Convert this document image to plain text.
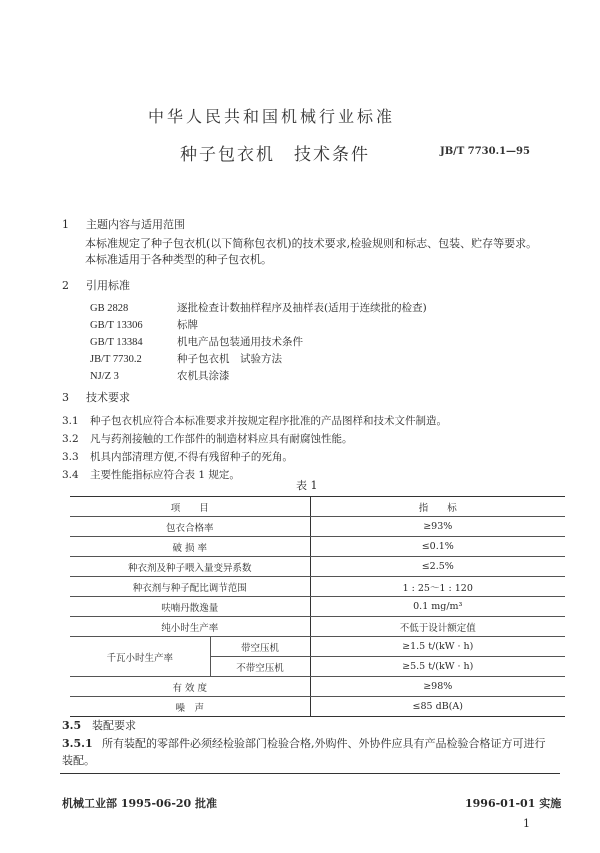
中华人民共和国机械行业标准
种子包衣机　技术条件	JB/T 7730.1—95
1 主题内容与适用范围
本标准规定了种子包衣机(以下简称包衣机)的技术要求,检验规则和标志、包装、贮存等要求。
本标准适用于各种类型的种子包衣机。
2 引用标准
GB 2828	逐批检查计数抽样程序及抽样表(适用于连续批的检查)
GB/T 13306	标牌
GB/T 13384	机电产品包装通用技术条件
JB/T 7730.2	种子包衣机　试验方法
NJ/Z 3	农机具涂漆
3 技术要求
3.1 种子包衣机应符合本标准要求并按规定程序批准的产品图样和技术文件制造。
3.2 凡与药剂接触的工作部件的制造材料应具有耐腐蚀性能。
3.3 机具内部清理方便,不得有残留种子的死角。
3.4 主要性能指标应符合表 1 规定。
表 1
项　　目		指　　标
包衣合格率		≥93%
破 损 率		≤0.1%
种衣剂及种子喂入量变异系数		≤2.5%
种衣剂与种子配比调节范围		1 : 25～1 : 120
呋喃丹散逸量		0.1 mg/m³
纯小时生产率		不低于设计额定值
千瓦小时生产率	带空压机	≥1.5 t/(kW · h)
	不带空压机	≥5.5 t/(kW · h)
有 效 度		≥98%
噪　声		≤85 dB(A)
3.5 装配要求
3.5.1 所有装配的零部件必须经检验部门检验合格,外购件、外协件应具有产品检验合格证方可进行
装配。
机械工业部 1995-06-20 批准	1996-01-01 实施
1
